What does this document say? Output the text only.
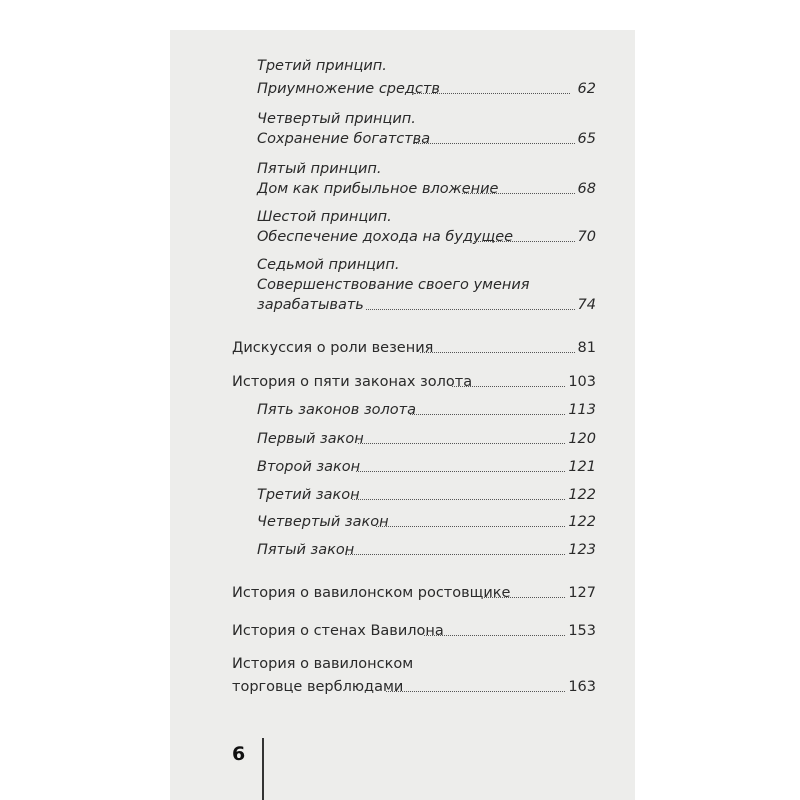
Третий принцип.
Приумножение средств	62
Четвертый принцип.
Сохранение богатства	65
Пятый принцип.
Дом как прибыльное вложение	68
Шестой принцип.
Обеспечение дохода на будущее	70
Седьмой принцип.
Совершенствование своего умения
зарабатывать	74
Дискуссия о роли везения	81
История о пяти законах золота	103
Пять законов золота	113
Первый закон	120
Второй закон	121
Третий закон	122
Четвертый закон	122
Пятый закон	123
История о вавилонском ростовщике	127
История о стенах Вавилона	153
История о вавилонском
торговце верблюдами	163
6
